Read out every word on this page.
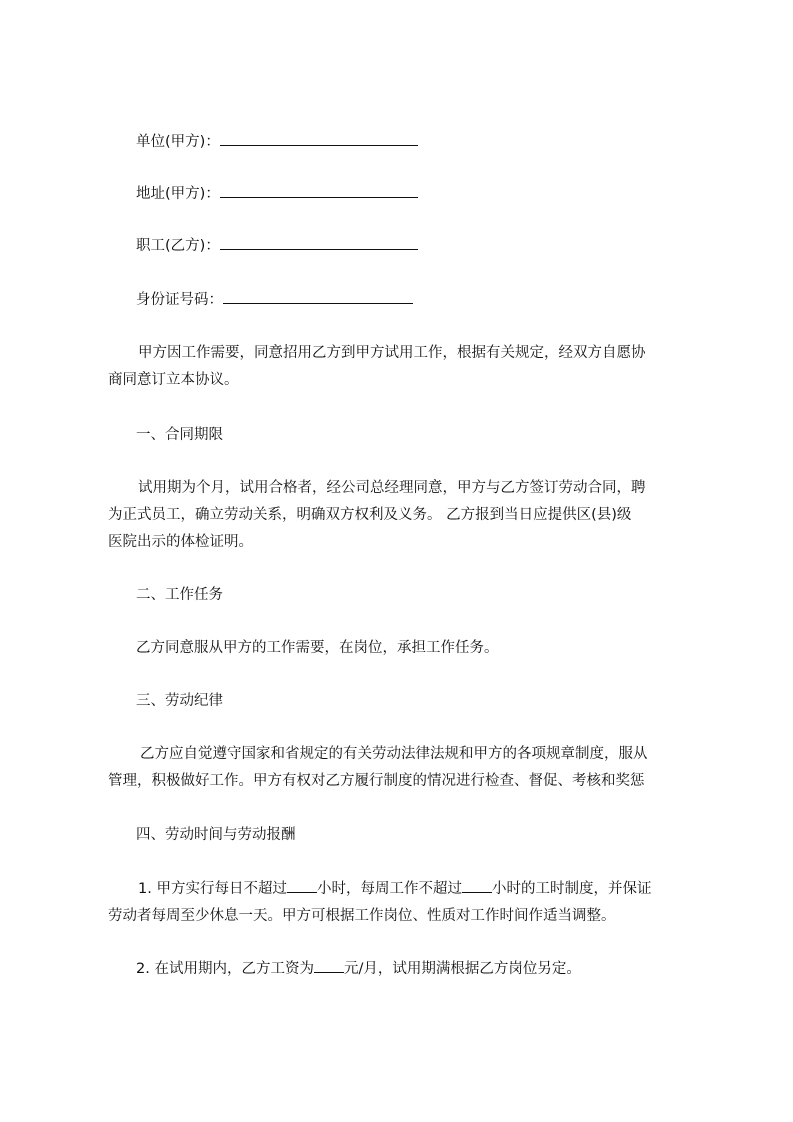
单位(甲方)：
地址(甲方)：
职工(乙方)：
身份证号码：
甲方因工作需要，同意招用乙方到甲方试用工作，根据有关规定，经双方自愿协
商同意订立本协议。
一、合同期限
试用期为个月，试用合格者，经公司总经理同意，甲方与乙方签订劳动合同，聘
为正式员工，确立劳动关系，明确双方权利及义务。 乙方报到当日应提供区(县)级
医院出示的体检证明。
二、工作任务
乙方同意服从甲方的工作需要，在岗位，承担工作任务。
三、劳动纪律
乙方应自觉遵守国家和省规定的有关劳动法律法规和甲方的各项规章制度，服从
管理，积极做好工作。甲方有权对乙方履行制度的情况进行检查、督促、考核和奖惩
四、劳动时间与劳动报酬
1. 甲方实行每日不超过 小时，每周工作不超过 小时的工时制度，并保证
劳动者每周至少休息一天。甲方可根据工作岗位、性质对工作时间作适当调整。
2. 在试用期内，乙方工资为 元/月，试用期满根据乙方岗位另定。
